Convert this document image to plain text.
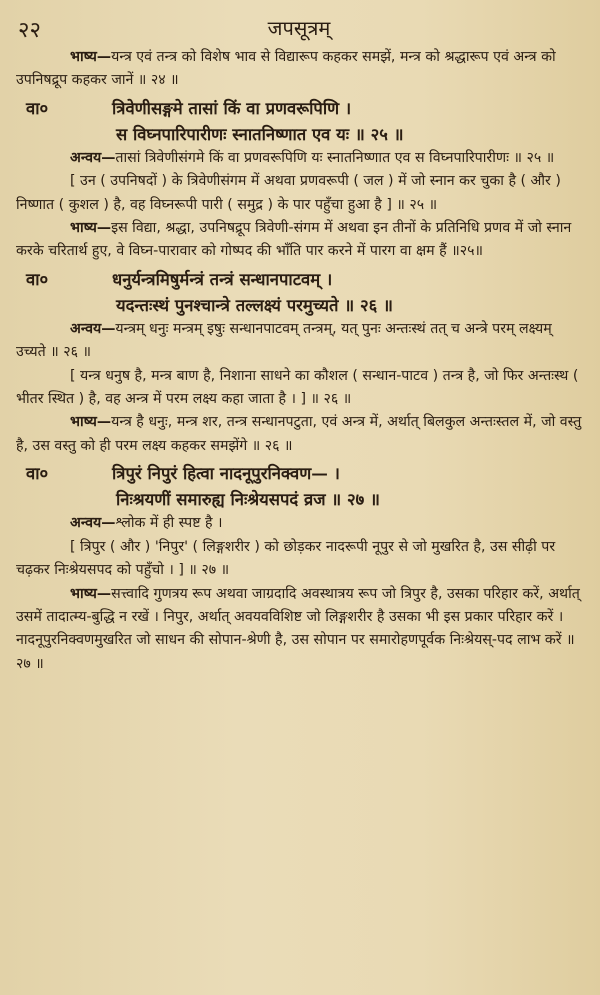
२२	जपसूत्रम्

भाष्य—यन्त्र एवं तन्त्र को विशेष भाव से विद्यारूप कहकर समझें, मन्त्र को श्रद्धारूप एवं अन्त्र को उपनिषद्रूप कहकर जानें ॥ २४ ॥

वा०	त्रिवेणीसङ्गमे तासां किं वा प्रणवरूपिणि ।
स विघ्नपारिपारीणः स्नातनिष्णात एव यः ॥ २५ ॥

अन्वय—तासां त्रिवेणीसंगमे किं वा प्रणवरूपिणि यः स्नातनिष्णात एव स विघ्नपारिपारीणः ॥ २५ ॥

[ उन ( उपनिषदों ) के त्रिवेणीसंगम में अथवा प्रणवरूपी ( जल ) में जो स्नान कर चुका है ( और ) निष्णात ( कुशल ) है, वह विघ्नरूपी पारी ( समुद्र ) के पार पहुँचा हुआ है ] ॥ २५ ॥

भाष्य—इस विद्या, श्रद्धा, उपनिषद्रूप त्रिवेणी-संगम में अथवा इन तीनों के प्रतिनिधि प्रणव में जो स्नान करके चरितार्थ हुए, वे विघ्न-पारावार को गोष्पद की भाँति पार करने में पारग वा क्षम हैं ॥२५॥

वा०	धनुर्यन्त्रमिषुर्मन्त्रं तन्त्रं सन्धानपाटवम् ।
यदन्तःस्थं पुनश्चान्त्रे तल्लक्ष्यं परमुच्यते ॥ २६ ॥

अन्वय—यन्त्रम् धनुः मन्त्रम् इषुः सन्धानपाटवम् तन्त्रम्, यत् पुनः अन्तःस्थं तत् च अन्त्रे परम् लक्ष्यम् उच्यते ॥ २६ ॥

[ यन्त्र धनुष है, मन्त्र बाण है, निशाना साधने का कौशल ( सन्धान-पाटव ) तन्त्र है, जो फिर अन्तःस्थ ( भीतर स्थित ) है, वह अन्त्र में परम लक्ष्य कहा जाता है । ] ॥ २६ ॥

भाष्य—यन्त्र है धनुः, मन्त्र शर, तन्त्र सन्धानपटुता, एवं अन्त्र में, अर्थात् बिलकुल अन्तःस्तल में, जो वस्तु है, उस वस्तु को ही परम लक्ष्य कहकर समझेंगे ॥ २६ ॥

वा०	त्रिपुरं निपुरं हित्वा नादनूपुरनिक्वण— ।
निःश्रयणीं समारुह्य निःश्रेयसपदं व्रज ॥ २७ ॥

अन्वय—श्लोक में ही स्पष्ट है ।

[ त्रिपुर ( और ) 'निपुर' ( लिङ्गशरीर ) को छोड़कर नादरूपी नूपुर से जो मुखरित है, उस सीढ़ी पर चढ़कर निःश्रेयसपद को पहुँचो । ] ॥ २७ ॥

भाष्य—सत्त्वादि गुणत्रय रूप अथवा जाग्रदादि अवस्थात्रय रूप जो त्रिपुर है, उसका परिहार करें, अर्थात् उसमें तादात्म्य-बुद्धि न रखें । निपुर, अर्थात् अवयवविशिष्ट जो लिङ्गशरीर है उसका भी इस प्रकार परिहार करें । नादनूपुरनिक्वणमुखरित जो साधन की सोपान-श्रेणी है, उस सोपान पर समारोहणपूर्वक निःश्रेयस्-पद लाभ करें ॥ २७ ॥
